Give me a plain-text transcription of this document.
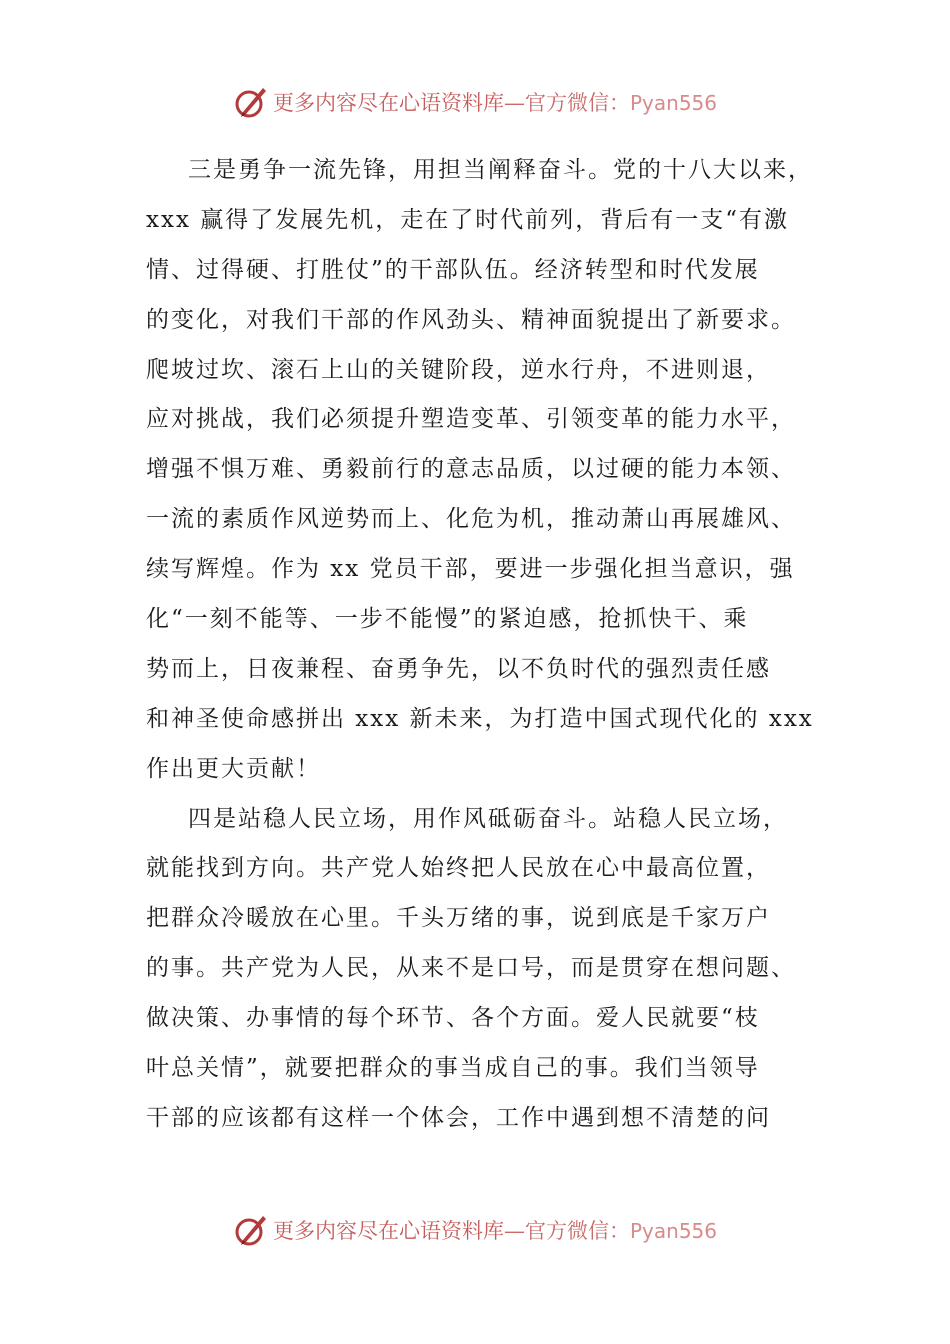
更多内容尽在心语资料库—官方微信：Pyan556
三是勇争一流先锋，用担当阐释奋斗。党的十八大以来，
xxx 赢得了发展先机，走在了时代前列，背后有一支“有激
情、过得硬、打胜仗”的干部队伍。经济转型和时代发展
的变化，对我们干部的作风劲头、精神面貌提出了新要求。
爬坡过坎、滚石上山的关键阶段，逆水行舟，不进则退，
应对挑战，我们必须提升塑造变革、引领变革的能力水平，
增强不惧万难、勇毅前行的意志品质，以过硬的能力本领、
一流的素质作风逆势而上、化危为机，推动萧山再展雄风、
续写辉煌。作为 xx 党员干部，要进一步强化担当意识，强
化“一刻不能等、一步不能慢”的紧迫感，抢抓快干、乘
势而上，日夜兼程、奋勇争先，以不负时代的强烈责任感
和神圣使命感拼出 xxx 新未来，为打造中国式现代化的 xxx
作出更大贡献！
四是站稳人民立场，用作风砥砺奋斗。站稳人民立场，
就能找到方向。共产党人始终把人民放在心中最高位置，
把群众冷暖放在心里。千头万绪的事，说到底是千家万户
的事。共产党为人民，从来不是口号，而是贯穿在想问题、
做决策、办事情的每个环节、各个方面。爱人民就要“枝
叶总关情”，就要把群众的事当成自己的事。我们当领导
干部的应该都有这样一个体会，工作中遇到想不清楚的问
更多内容尽在心语资料库—官方微信：Pyan556
